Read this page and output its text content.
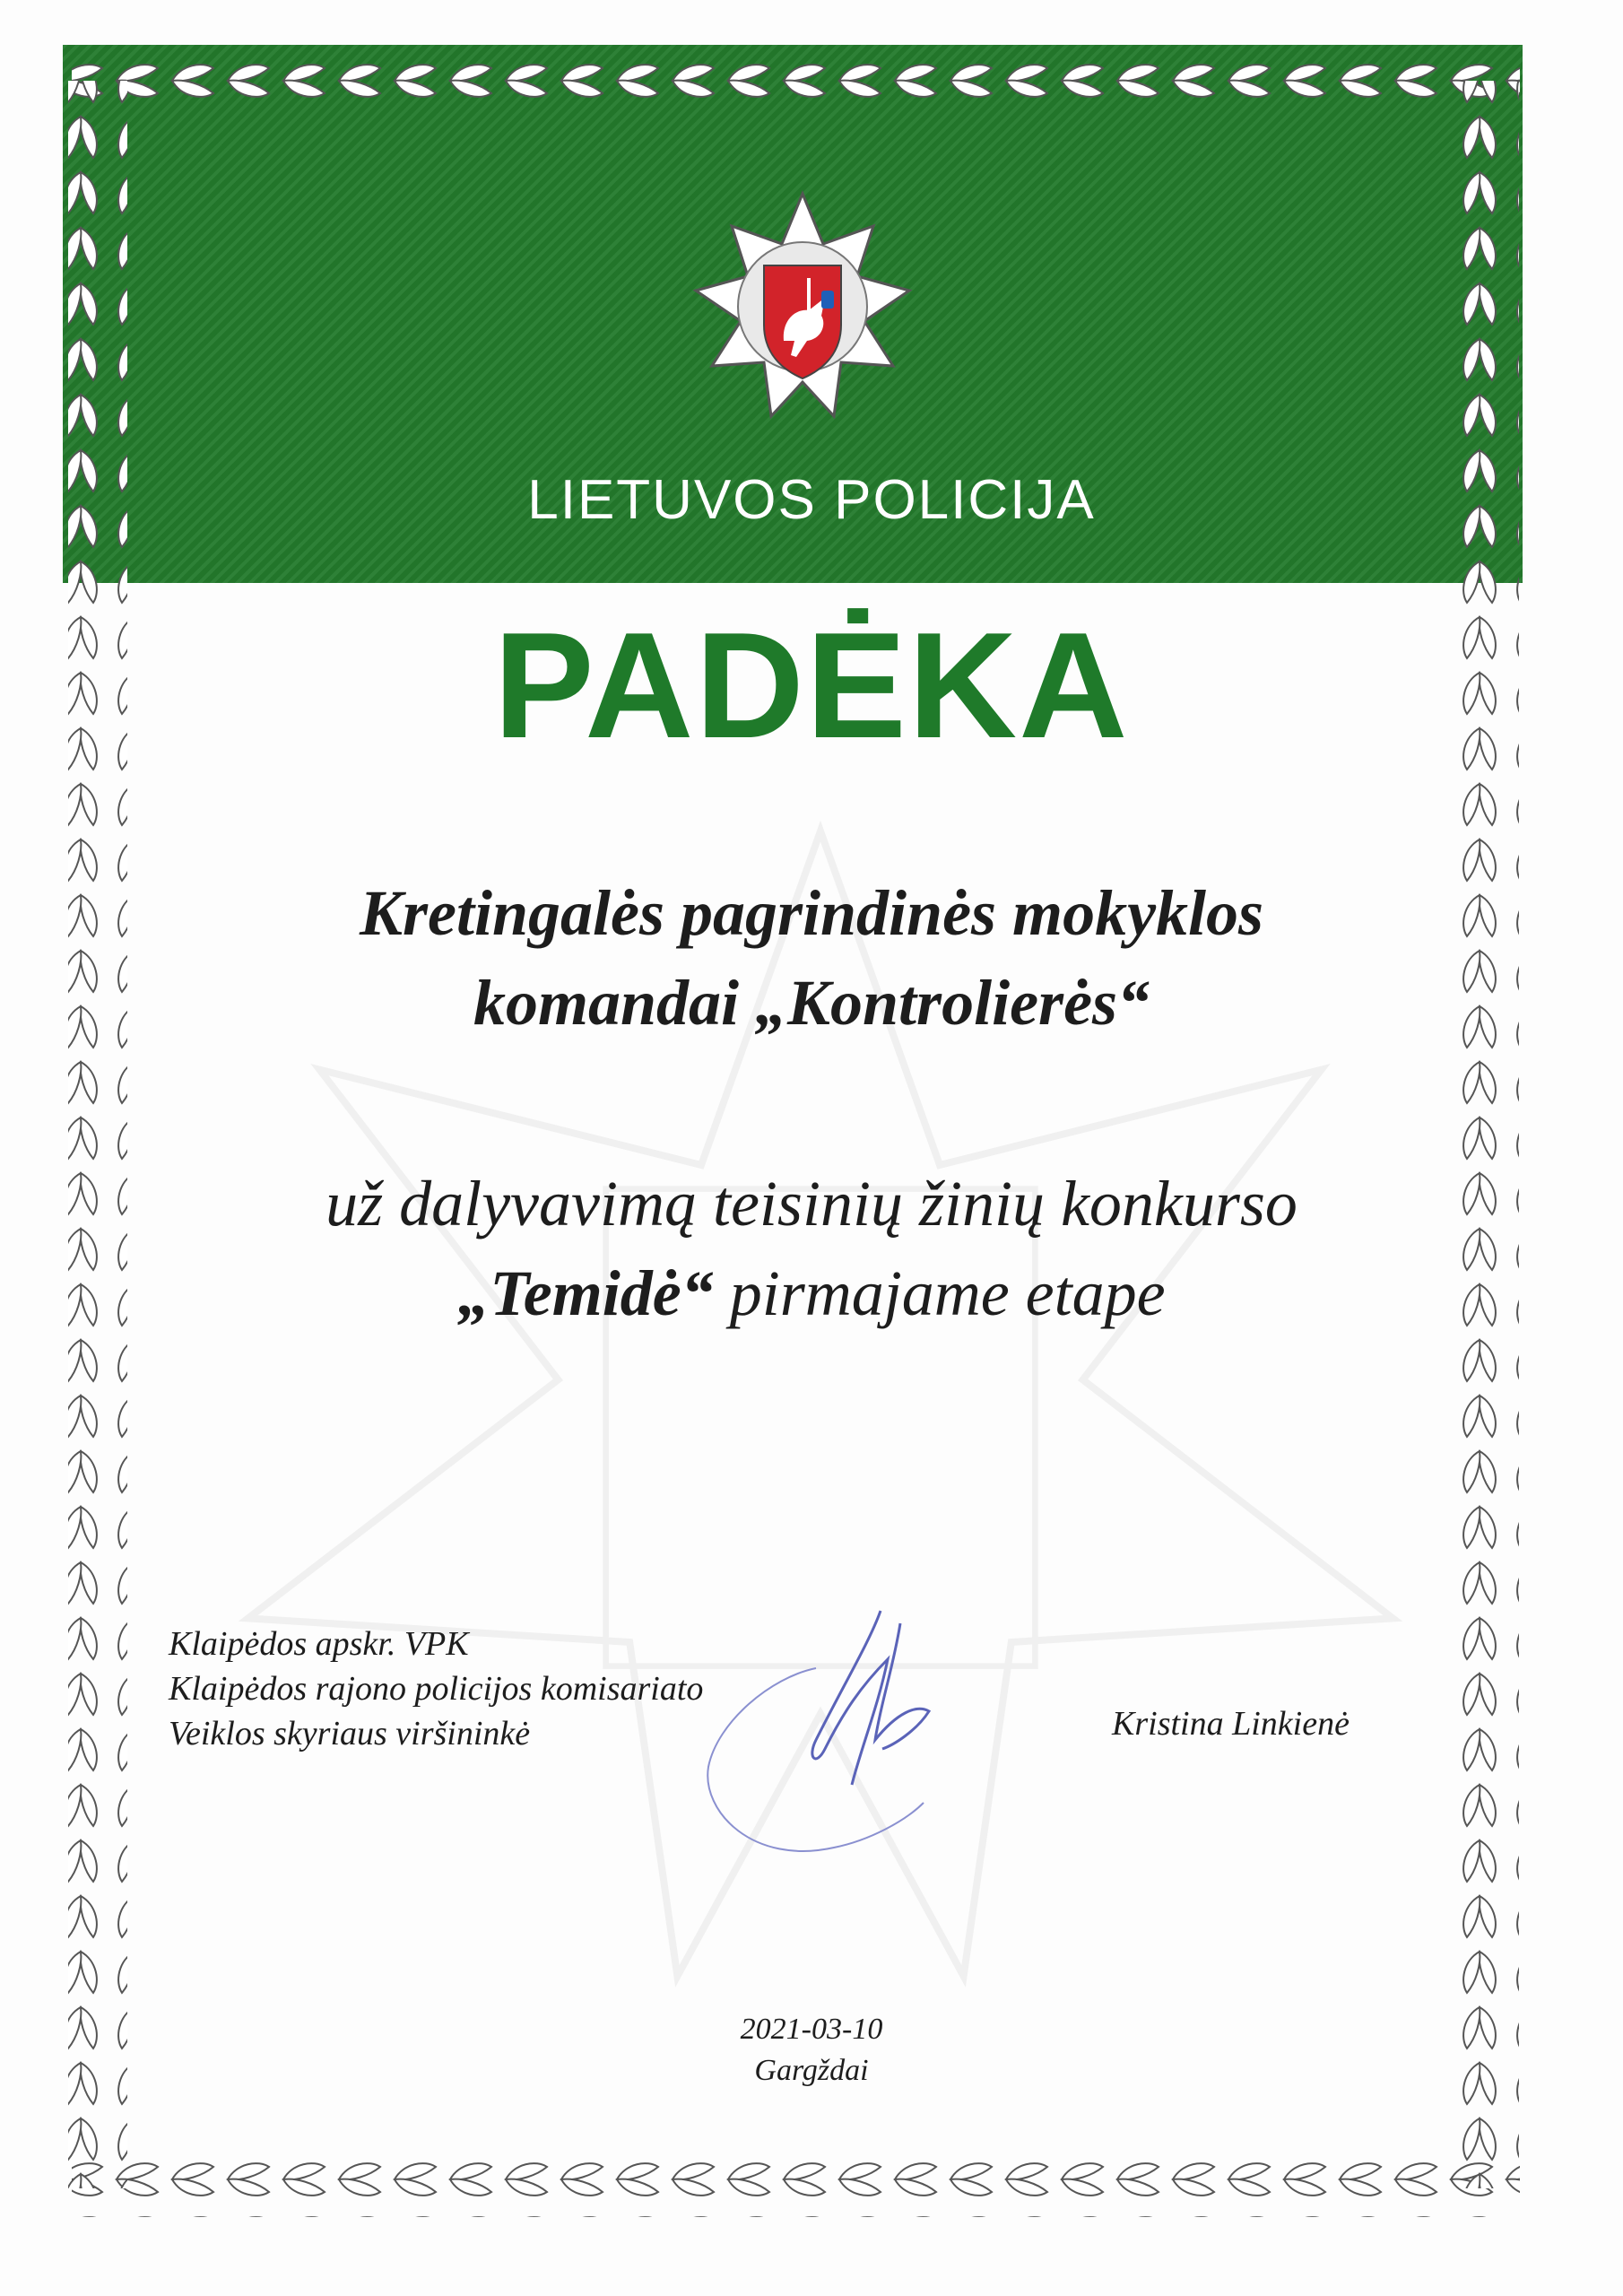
LIETUVOS POLICIJA
PADĖKA
Kretingalės pagrindinės mokyklos
komandai „Kontrolierės“
už dalyvavimą teisinių žinių konkurso
„Temidė“ pirmajame etape
Klaipėdos apskr. VPK
Klaipėdos rajono policijos komisariato
Veiklos skyriaus viršininkė	Kristina Linkienė
2021-03-10
Gargždai
